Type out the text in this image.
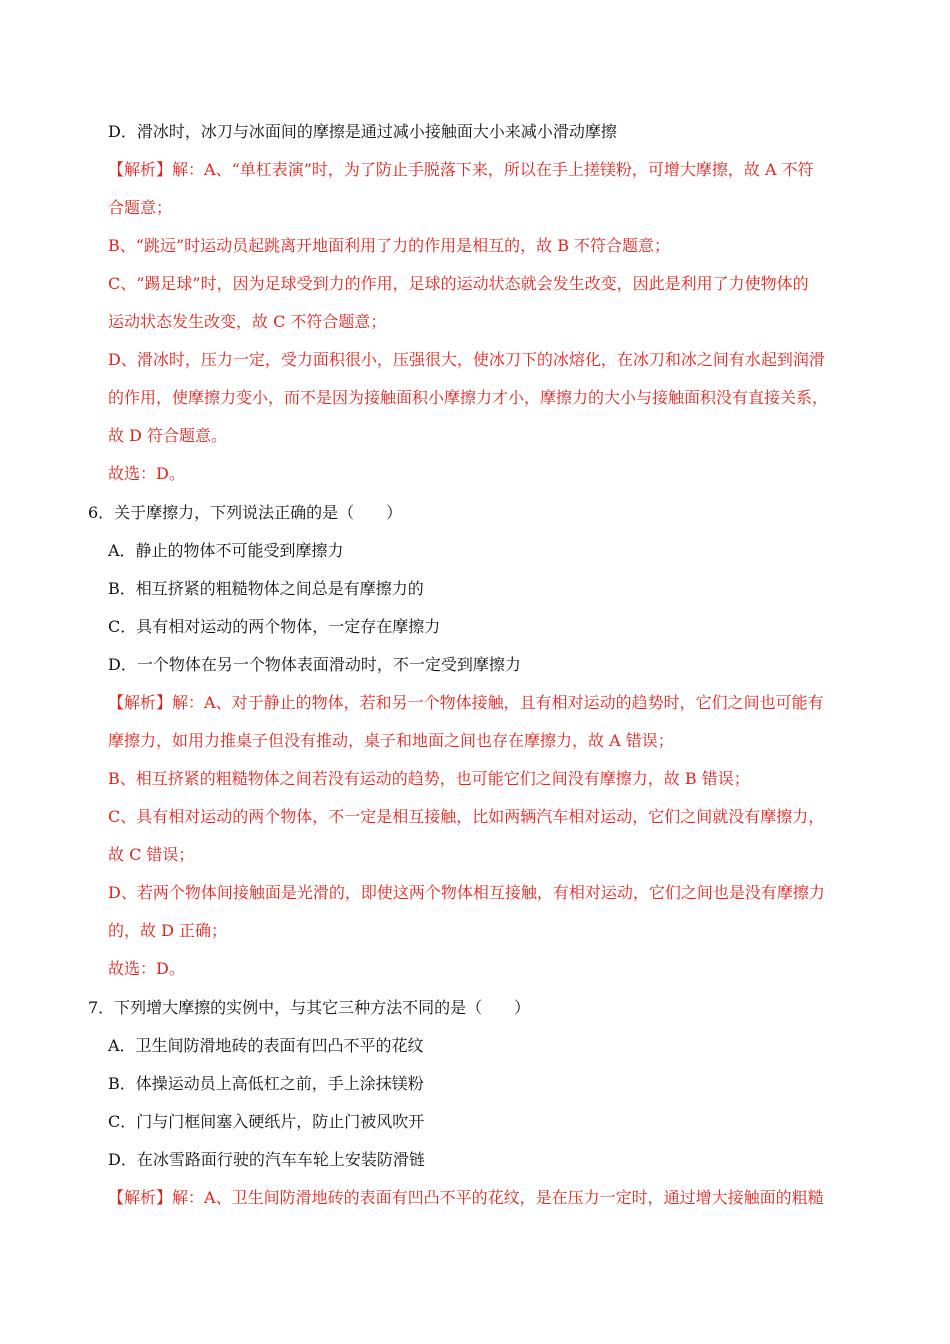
D．滑冰时，冰刀与冰面间的摩擦是通过减小接触面大小来减小滑动摩擦
【解析】解：A、“单杠表演”时，为了防止手脱落下来，所以在手上搓镁粉，可增大摩擦，故 A 不符
合题意；
B、“跳远”时运动员起跳离开地面利用了力的作用是相互的，故 B 不符合题意；
C、“踢足球”时，因为足球受到力的作用，足球的运动状态就会发生改变，因此是利用了力使物体的
运动状态发生改变，故 C 不符合题意；
D、滑冰时，压力一定，受力面积很小，压强很大，使冰刀下的冰熔化，在冰刀和冰之间有水起到润滑
的作用，使摩擦力变小，而不是因为接触面积小摩擦力才小，摩擦力的大小与接触面积没有直接关系，
故 D 符合题意。
故选：D。
6．关于摩擦力，下列说法正确的是（　　）
A．静止的物体不可能受到摩擦力
B．相互挤紧的粗糙物体之间总是有摩擦力的
C．具有相对运动的两个物体，一定存在摩擦力
D．一个物体在另一个物体表面滑动时，不一定受到摩擦力
【解析】解：A、对于静止的物体，若和另一个物体接触，且有相对运动的趋势时，它们之间也可能有
摩擦力，如用力推桌子但没有推动，桌子和地面之间也存在摩擦力，故 A 错误；
B、相互挤紧的粗糙物体之间若没有运动的趋势，也可能它们之间没有摩擦力，故 B 错误；
C、具有相对运动的两个物体，不一定是相互接触，比如两辆汽车相对运动，它们之间就没有摩擦力，
故 C 错误；
D、若两个物体间接触面是光滑的，即使这两个物体相互接触，有相对运动，它们之间也是没有摩擦力
的，故 D 正确；
故选：D。
7．下列增大摩擦的实例中，与其它三种方法不同的是（　　）
A．卫生间防滑地砖的表面有凹凸不平的花纹
B．体操运动员上高低杠之前，手上涂抹镁粉
C．门与门框间塞入硬纸片，防止门被风吹开
D．在冰雪路面行驶的汽车车轮上安装防滑链
【解析】解：A、卫生间防滑地砖的表面有凹凸不平的花纹，是在压力一定时，通过增大接触面的粗糙
